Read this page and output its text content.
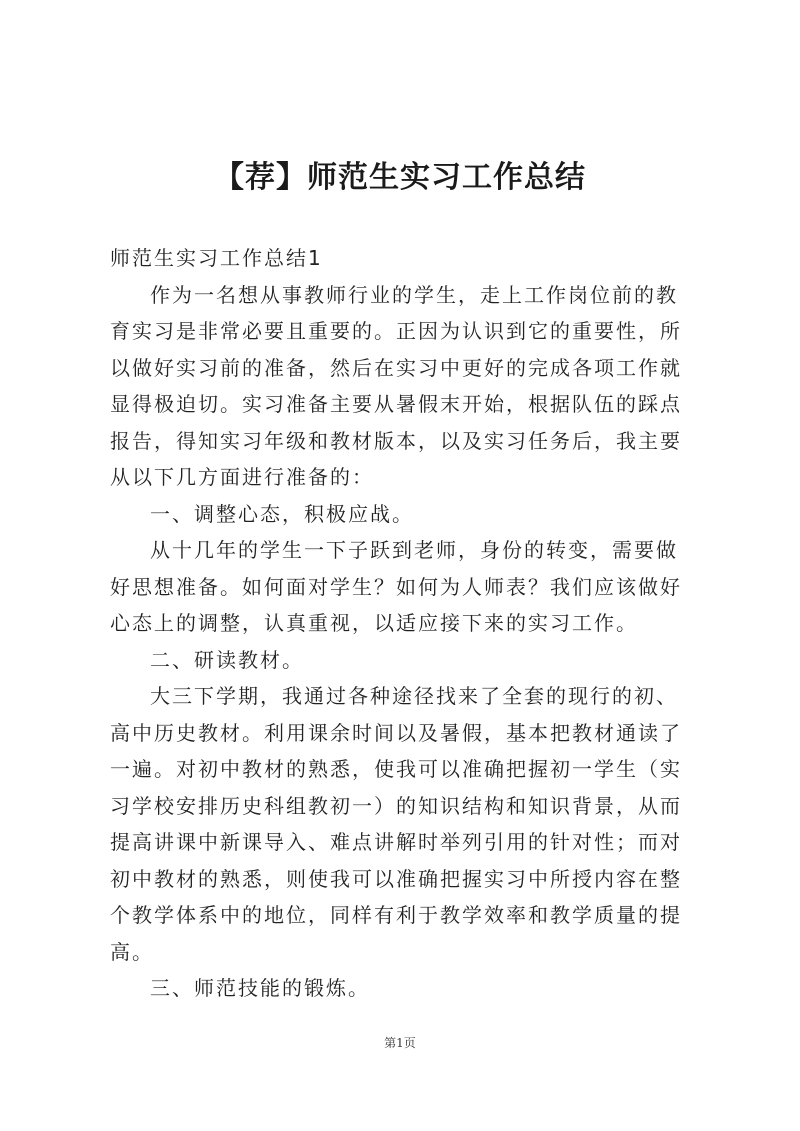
【荐】师范生实习工作总结

师范生实习工作总结1

作为一名想从事教师行业的学生，走上工作岗位前的教育实习是非常必要且重要的。正因为认识到它的重要性，所以做好实习前的准备，然后在实习中更好的完成各项工作就显得极迫切。实习准备主要从暑假末开始，根据队伍的踩点报告，得知实习年级和教材版本，以及实习任务后，我主要从以下几方面进行准备的：

一、调整心态，积极应战。

从十几年的学生一下子跃到老师，身份的转变，需要做好思想准备。如何面对学生？如何为人师表？我们应该做好心态上的调整，认真重视，以适应接下来的实习工作。

二、研读教材。

大三下学期，我通过各种途径找来了全套的现行的初、高中历史教材。利用课余时间以及暑假，基本把教材通读了一遍。对初中教材的熟悉，使我可以准确把握初一学生（实习学校安排历史科组教初一）的知识结构和知识背景，从而提高讲课中新课导入、难点讲解时举列引用的针对性；而对初中教材的熟悉，则使我可以准确把握实习中所授内容在整个教学体系中的地位，同样有利于教学效率和教学质量的提高。

三、师范技能的锻炼。

第1页
